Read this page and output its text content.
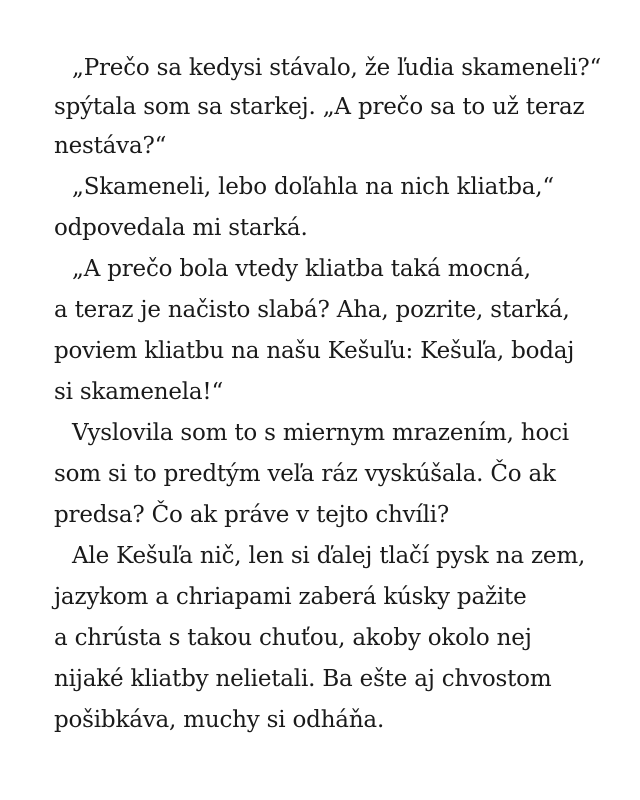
„Prečo sa kedysi stávalo, že ľudia skameneli?“

spýtala som sa starkej. „A prečo sa to už teraz

nestáva?“

„Skameneli, lebo doľahla na nich kliatba,“

odpovedala mi starká.

„A prečo bola vtedy kliatba taká mocná,

a teraz je načisto slabá? Aha, pozrite, starká,

poviem kliatbu na našu Kešuľu: Kešuľa, bodaj

si skamenela!“

Vyslovila som to s miernym mrazením, hoci

som si to predtým veľa ráz vyskúšala. Čo ak

predsa? Čo ak práve v tejto chvíli?

Ale Kešuľa nič, len si ďalej tlačí pysk na zem,

jazykom a chriapami zaberá kúsky pažite

a chrústa s takou chuťou, akoby okolo nej

nijaké kliatby nelietali. Ba ešte aj chvostom

pošibkáva, muchy si odháňa.
